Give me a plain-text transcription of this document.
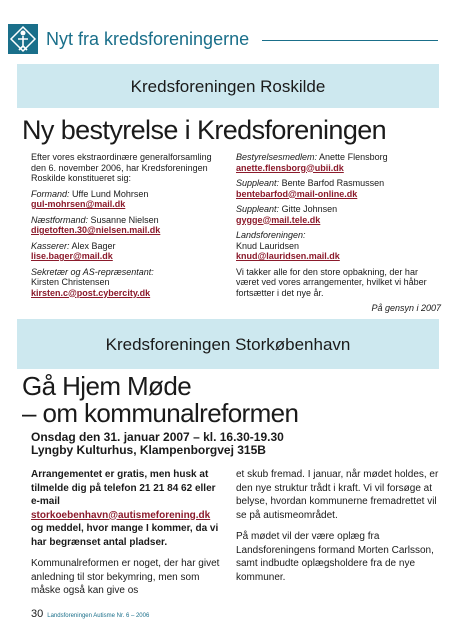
Nyt fra kredsforeningerne
Kredsforeningen Roskilde
Ny bestyrelse i Kredsforeningen

Efter vores ekstraordinære generalforsamling den 6. november 2006, har Kredsforeningen Roskilde konstitueret sig:

Formand: Uffe Lund Mohrsen
gul-mohrsen@mail.dk

Næstformand: Susanne Nielsen
digetoften.30@nielsen.mail.dk

Kasserer: Alex Bager
lise.bager@mail.dk

Sekretær og AS-repræsentant:
Kirsten Christensen
kirsten.c@post.cybercity.dk

Bestyrelsesmedlem: Anette Flensborg
anette.flensborg@ubii.dk

Suppleant: Bente Barfod Rasmussen
bentebarfod@mail-online.dk

Suppleant: Gitte Johnsen
gygge@mail.tele.dk

Landsforeningen:
Knud Lauridsen
knud@lauridsen.mail.dk

Vi takker alle for den store opbakning, der har været ved vores arrangementer, hvilket vi håber fortsætter i det nye år.

På gensyn i 2007

Kredsforeningen Storkøbenhavn
Gå Hjem Møde
– om kommunalreformen
Onsdag den 31. januar 2007 – kl. 16.30-19.30
Lyngby Kulturhus, Klampenborgvej 315B

Arrangementet er gratis, men husk at tilmelde dig på telefon 21 21 84 62 eller e-mail storkoebenhavn@autismeforening.dk og meddel, hvor mange I kommer, da vi har begrænset antal pladser.

Kommunalreformen er noget, der har givet anledning til stor bekymring, men som måske også kan give os

et skub fremad. I januar, når mødet holdes, er den nye struktur trådt i kraft. Vi vil forsøge at belyse, hvordan kommunerne fremadrettet vil se på autismeområdet.

På mødet vil der være oplæg fra Landsforeningens formand Morten Carlsson, samt indbudte oplægsholdere fra de nye kommuner.

30 Landsforeningen Autisme Nr. 6 – 2006
